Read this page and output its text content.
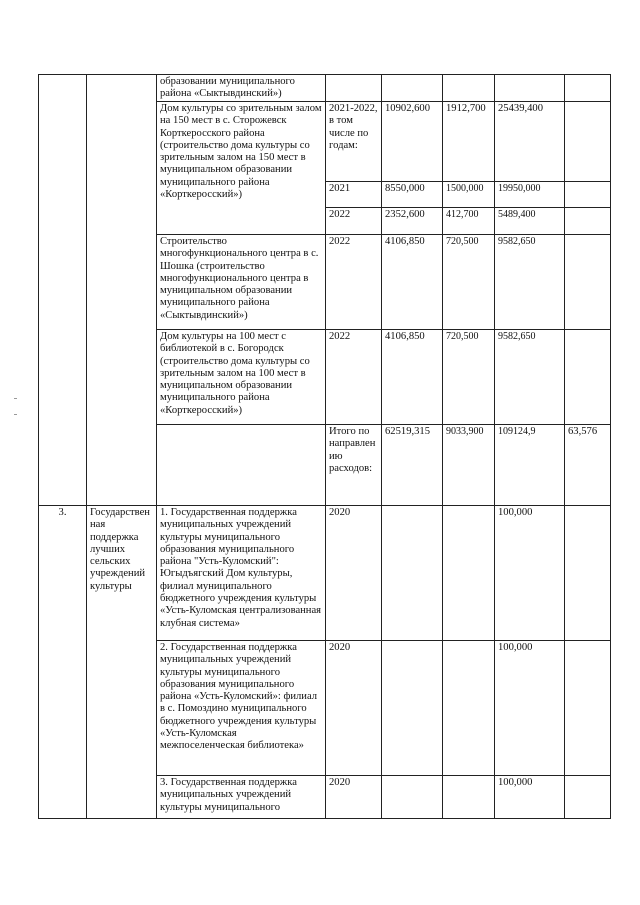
		образовании муниципального района «Сыктывдинский»)					
		Дом культуры со зрительным залом на 150 мест в с. Сторожевск Корткеросского района (строительство дома культуры со зрительным залом на 150 мест в муниципальном образовании муниципального района «Корткеросский»)	2021-2022, в том числе по годам:	10902,600	1912,700	25439,400	
			2021	8550,000	1500,000	19950,000	
			2022	2352,600	412,700	5489,400	
		Строительство многофункционального центра в с. Шошка (строительство многофункционального центра в муниципальном образовании муниципального района «Сыктывдинский»)	2022	4106,850	720,500	9582,650	
		Дом культуры на 100 мест с библиотекой в с. Богородск (строительство дома культуры со зрительным залом на 100 мест в муниципальном образовании муниципального района «Корткеросский»)	2022	4106,850	720,500	9582,650	
			Итого по направлению расходов:	62519,315	9033,900	109124,9	63,576
3.	Государственная поддержка лучших сельских учреждений культуры	1. Государственная поддержка муниципальных учреждений культуры муниципального образования муниципального района "Усть-Куломский": Югыдъягский Дом культуры, филиал муниципального бюджетного учреждения культуры «Усть-Куломская централизованная клубная система»	2020			100,000	
		2. Государственная поддержка муниципальных учреждений культуры муниципального образования муниципального района «Усть-Куломский»: филиал в с. Помоздино муниципального бюджетного учреждения культуры «Усть-Куломская межпоселенческая библиотека»	2020			100,000	
		3. Государственная поддержка муниципальных учреждений культуры муниципального	2020			100,000	
